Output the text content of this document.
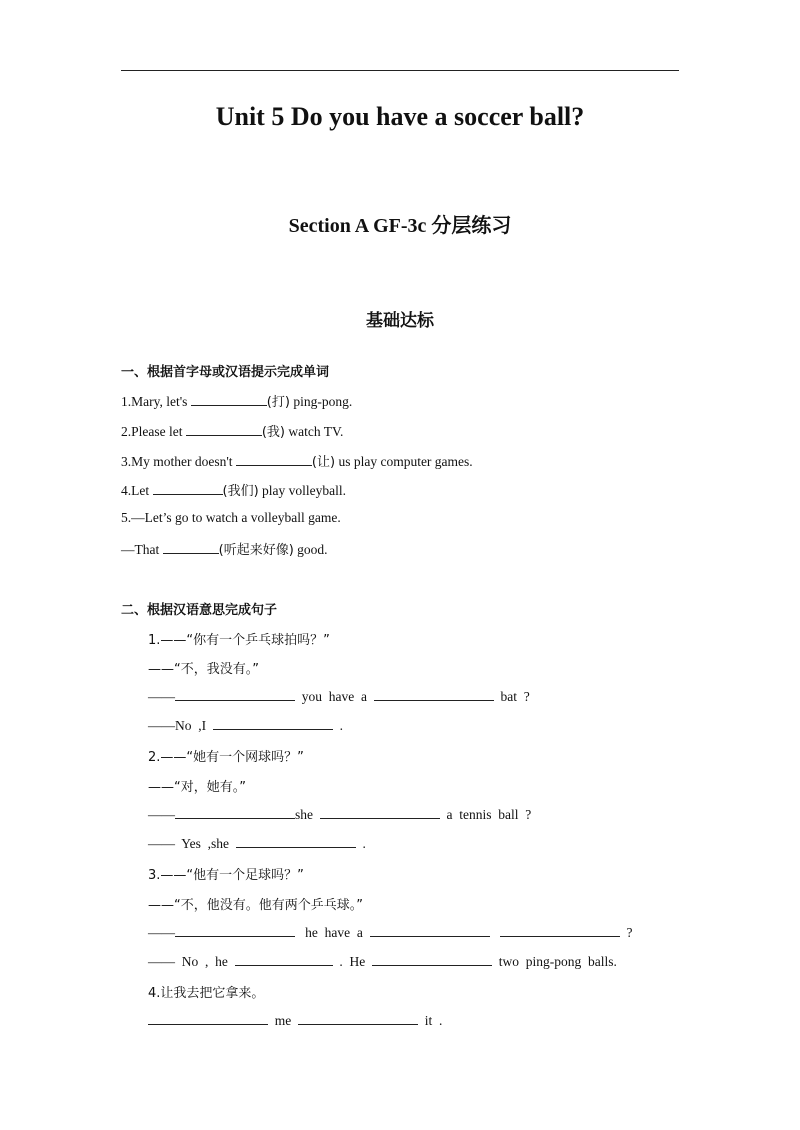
Unit 5 Do you have a soccer ball?
Section A GF-3c 分层练习
基础达标
一、根据首字母或汉语提示完成单词
1.Mary, let's	(打) ping-pong.
2.Please let	(我) watch TV.
3.My mother doesn't	(让) us play computer games.
4.Let	(我们) play volleyball.
5.—Let’s go to watch a volleyball game.
—That	(听起来好像) good.
二、根据汉语意思完成句子
1.——“你有一个乒乓球拍吗？”
——“不，我没有。”
——	you  have  a	bat  ?
——No  ,I	.
2.——“她有一个网球吗？”
——“对，她有。”
——	she	a  tennis  ball  ?
——  Yes  ,she	.
3.——“他有一个足球吗？”
——“不，他没有。他有两个乒乓球。”
——	he  have  a	?
——  No  ,  he	.  He	two  ping-pong  balls.
4.让我去把它拿来。
me	it  .
